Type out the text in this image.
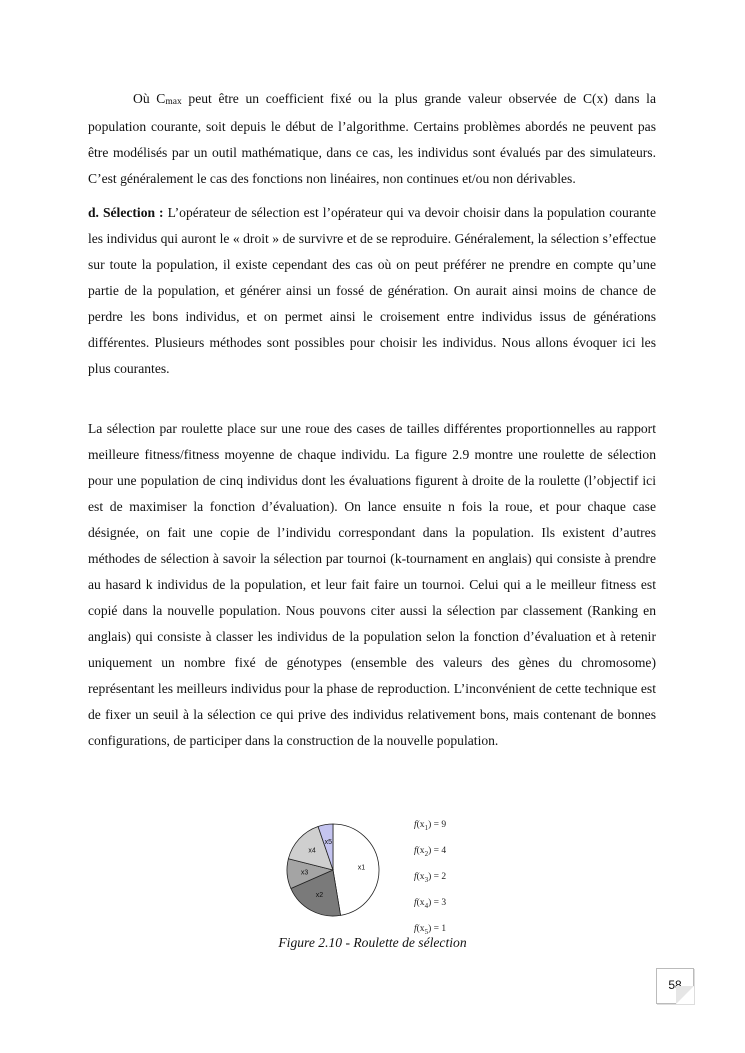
Où $C_{max}$ peut être un coefficient fixé ou la plus grande valeur observée de C(x) dans la population courante, soit depuis le début de l’algorithme. Certains problèmes abordés ne peuvent pas être modélisés par un outil mathématique, dans ce cas, les individus sont évalués par des simulateurs. C’est généralement le cas des fonctions non linéaires, non continues et/ou non dérivables.

d. Sélection : L’opérateur de sélection est l’opérateur qui va devoir choisir dans la population courante les individus qui auront le « droit » de survivre et de se reproduire. Généralement, la sélection s’effectue sur toute la population, il existe cependant des cas où on peut préférer ne prendre en compte qu’une partie de la population, et générer ainsi un fossé de génération. On aurait ainsi moins de chance de perdre les bons individus, et on permet ainsi le croisement entre individus issus de générations différentes. Plusieurs méthodes sont possibles pour choisir les individus. Nous allons évoquer ici les plus courantes.

La sélection par roulette place sur une roue des cases de tailles différentes proportionnelles au rapport meilleure fitness/fitness moyenne de chaque individu. La figure 2.9 montre une roulette de sélection pour une population de cinq individus dont les évaluations figurent à droite de la roulette (l’objectif ici est de maximiser la fonction d’évaluation). On lance ensuite n fois la roue, et pour chaque case désignée, on fait une copie de l’individu correspondant dans la population. Ils existent d’autres méthodes de sélection à savoir la sélection par tournoi (k-tournament en anglais) qui consiste à prendre au hasard k individus de la population, et leur fait faire un tournoi. Celui qui a le meilleur fitness est copié dans la nouvelle population. Nous pouvons citer aussi la sélection par classement (Ranking en anglais) qui consiste à classer les individus de la population selon la fonction d’évaluation et à retenir uniquement un nombre fixé de génotypes (ensemble des valeurs des gènes du chromosome) représentant les meilleurs individus pour la phase de reproduction. L’inconvénient de cette technique est de fixer un seuil à la sélection ce qui prive des individus relativement bons, mais contenant de bonnes configurations, de participer dans la construction de la nouvelle population.

x1
x2
x3
x4
x5
$f(x_1) = 9$
$f(x_2) = 4$
$f(x_3) = 2$
$f(x_4) = 3$
$f(x_5) = 1$
Figure 2.10 - Roulette de sélection
58
